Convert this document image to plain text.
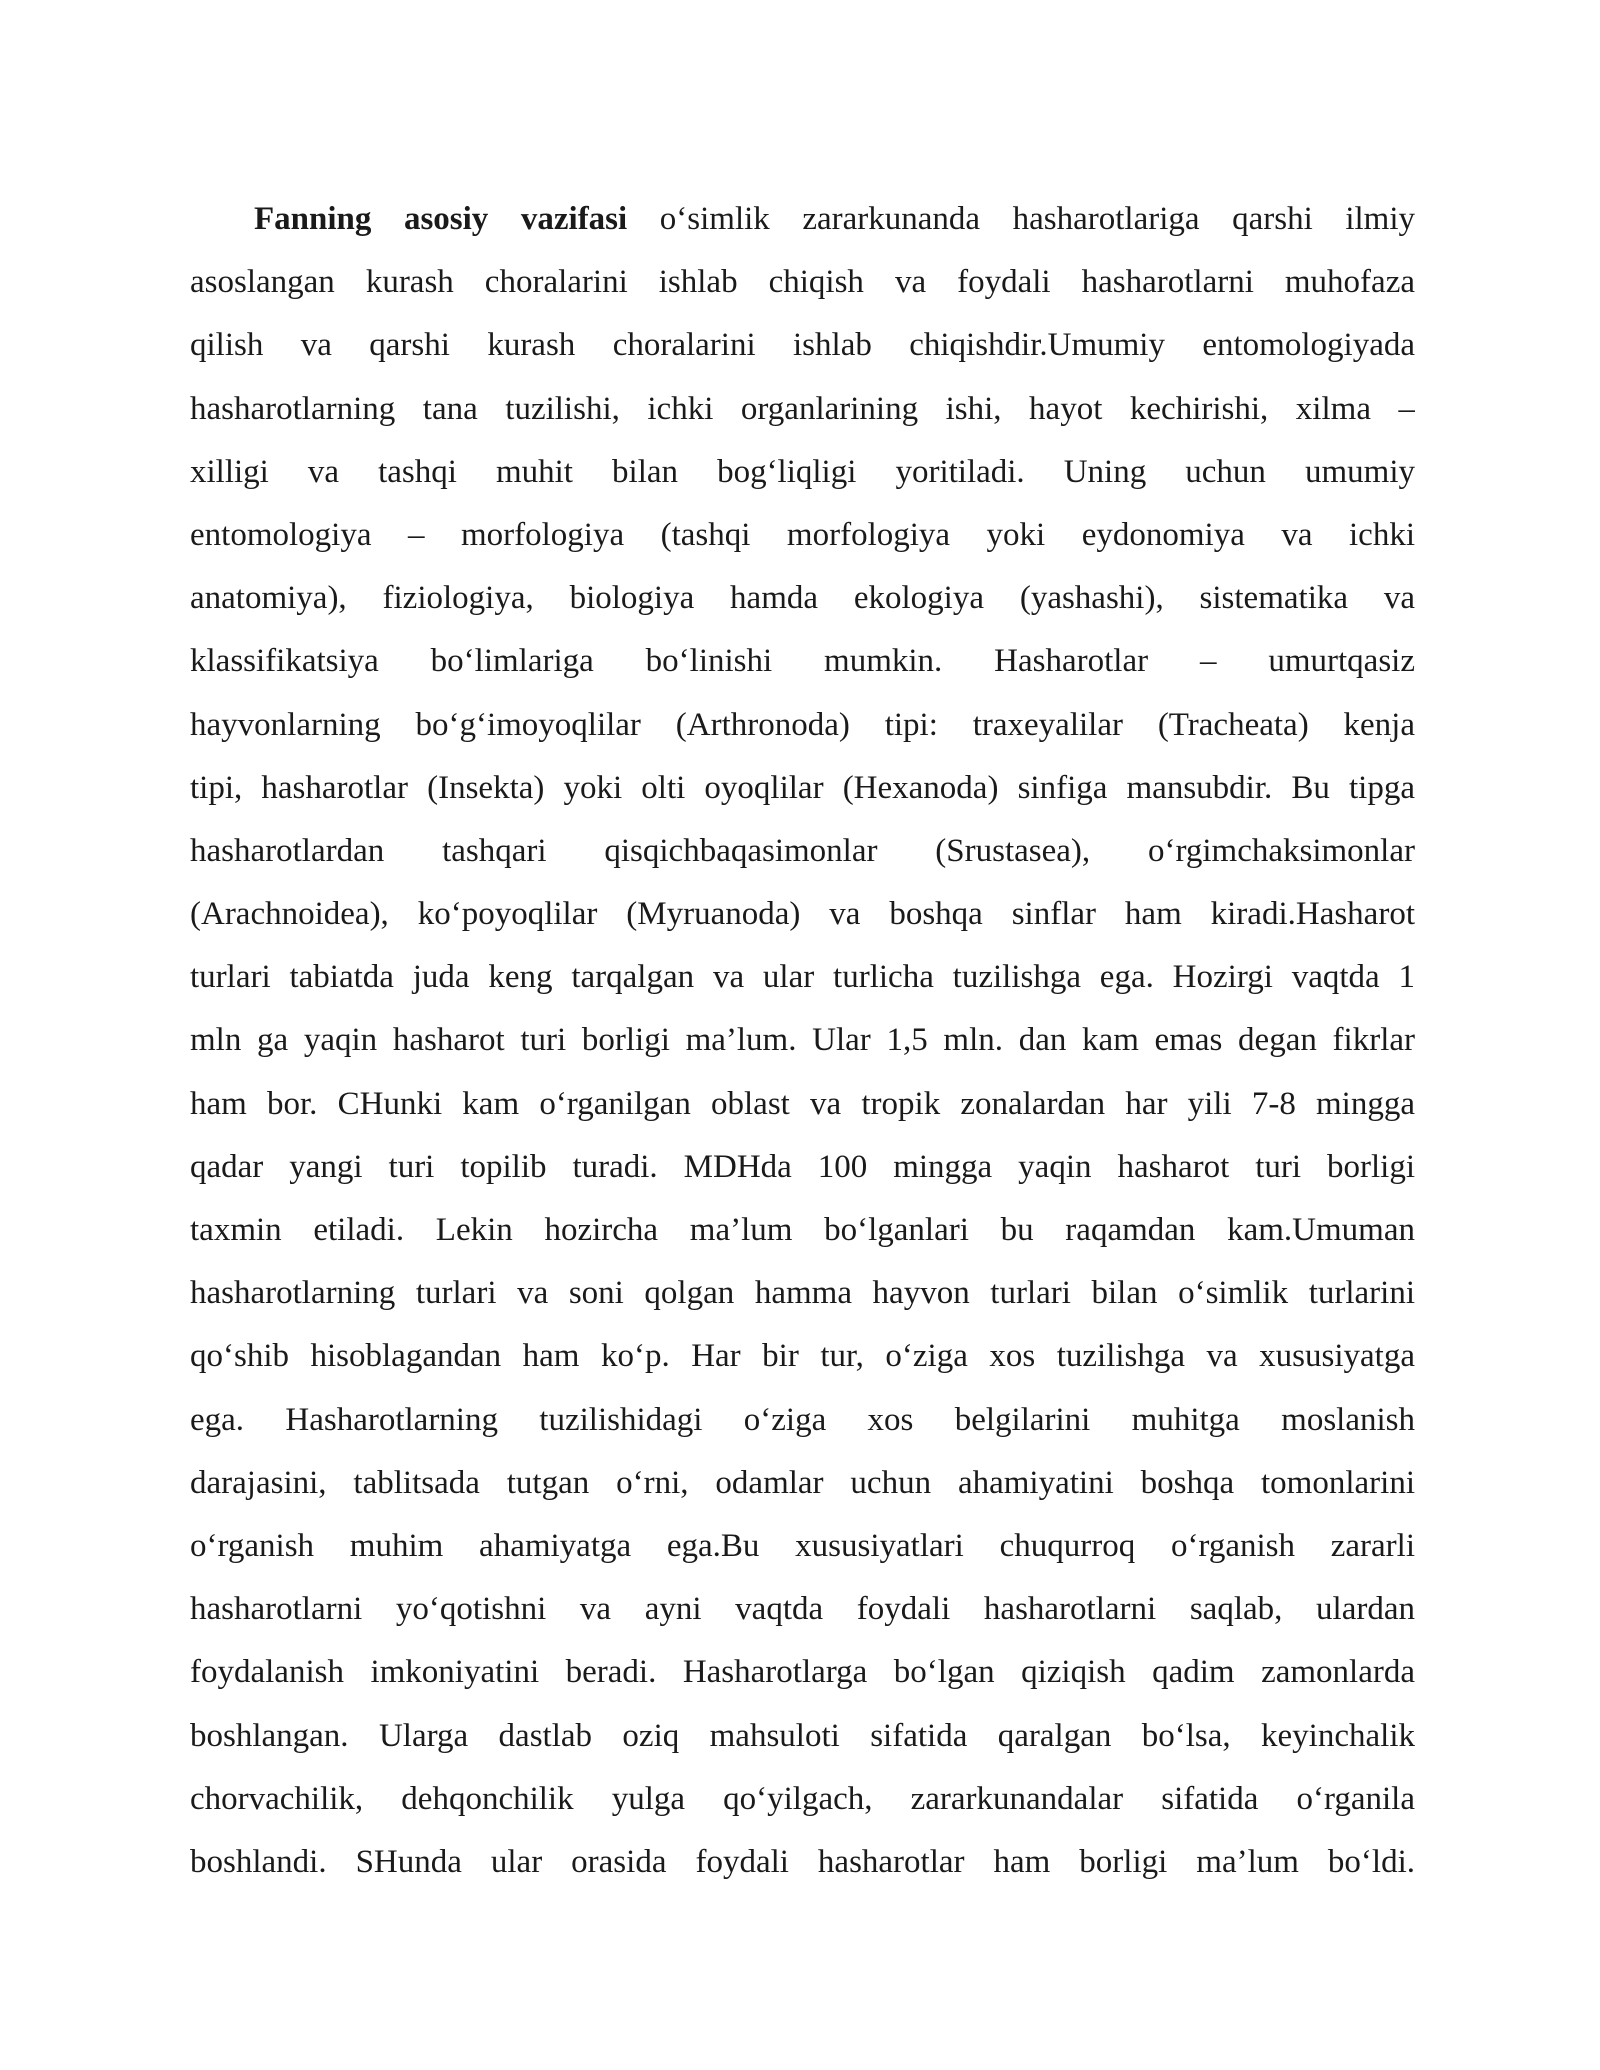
Fanning asosiy vazifasi o‘simlik zararkunanda hasharotlariga qarshi ilmiy
asoslangan kurash choralarini ishlab chiqish va foydali hasharotlarni muhofaza
qilish va qarshi kurash choralarini ishlab chiqishdir.Umumiy entomologiyada
hasharotlarning tana tuzilishi, ichki organlarining ishi, hayot kechirishi, xilma –
xilligi va tashqi muhit bilan bog‘liqligi yoritiladi. Uning uchun umumiy
entomologiya – morfologiya (tashqi morfologiya yoki eydonomiya va ichki
anatomiya), fiziologiya, biologiya hamda ekologiya (yashashi), sistematika va
klassifikatsiya bo‘limlariga bo‘linishi mumkin. Hasharotlar – umurtqasiz
hayvonlarning bo‘g‘imoyoqlilar (Arthronoda) tipi: traxeyalilar (Tracheata) kenja
tipi, hasharotlar (Insekta) yoki olti oyoqlilar (Hexanoda) sinfiga mansubdir. Bu tipga
hasharotlardan tashqari qisqichbaqasimonlar (Srustasea), o‘rgimchaksimonlar
(Arachnoidea), ko‘poyoqlilar (Myruanoda) va boshqa sinflar ham kiradi.Hasharot
turlari tabiatda juda keng tarqalgan va ular turlicha tuzilishga ega. Hozirgi vaqtda 1
mln ga yaqin hasharot turi borligi ma’lum. Ular 1,5 mln. dan kam emas degan fikrlar
ham bor. CHunki kam o‘rganilgan oblast va tropik zonalardan har yili 7-8 mingga
qadar yangi turi topilib turadi. MDHda 100 mingga yaqin hasharot turi borligi
taxmin etiladi. Lekin hozircha ma’lum bo‘lganlari bu raqamdan kam.Umuman
hasharotlarning turlari va soni qolgan hamma hayvon turlari bilan o‘simlik turlarini
qo‘shib hisoblagandan ham ko‘p. Har bir tur, o‘ziga xos tuzilishga va xususiyatga
ega. Hasharotlarning tuzilishidagi o‘ziga xos belgilarini muhitga moslanish
darajasini, tablitsada tutgan o‘rni, odamlar uchun ahamiyatini boshqa tomonlarini
o‘rganish muhim ahamiyatga ega.Bu xususiyatlari chuqurroq o‘rganish zararli
hasharotlarni yo‘qotishni va ayni vaqtda foydali hasharotlarni saqlab, ulardan
foydalanish imkoniyatini beradi. Hasharotlarga bo‘lgan qiziqish qadim zamonlarda
boshlangan. Ularga dastlab oziq mahsuloti sifatida qaralgan bo‘lsa, keyinchalik
chorvachilik, dehqonchilik yulga qo‘yilgach, zararkunandalar sifatida o‘rganila
boshlandi. SHunda ular orasida foydali hasharotlar ham borligi ma’lum bo‘ldi.
